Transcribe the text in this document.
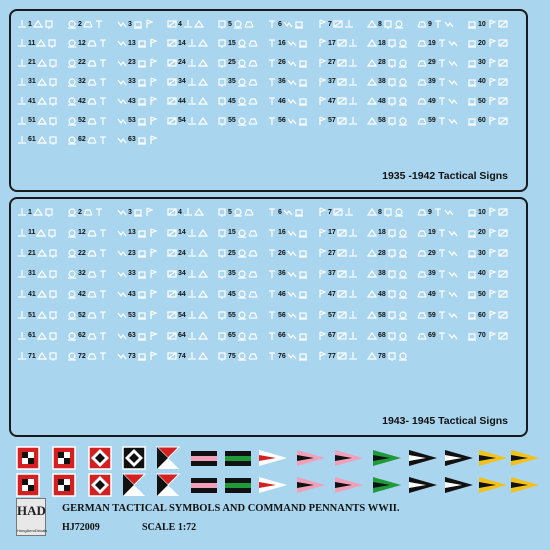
1935 -1942 Tactical Signs
1	2	3	4	5	6	7	8	9	10
11	12	13	14	15	16	17	18	19	20
21	22	23	24	25	26	27	28	29	30
31	32	33	34	35	36	37	38	39	40
41	42	43	44	45	46	47	48	49	50
51	52	53	54	55	56	57	58	59	60
61	62	63
1943- 1945 Tactical Signs
1	2	3	4	5	6	7	8	9	10
11	12	13	14	15	16	17	18	19	20
21	22	23	24	25	26	27	28	29	30
31	32	33	34	35	36	37	38	39	40
41	42	43	44	45	46	47	48	49	50
51	52	53	54	55	56	57	58	59	60
61	62	63	64	65	66	67	68	69	70
71	72	73	74	75	76	77	78
HAD
HungAeroDecals
GERMAN TACTICAL SYMBOLS AND COMMAND PENNANTS WWII.
HJ72009	SCALE 1:72
